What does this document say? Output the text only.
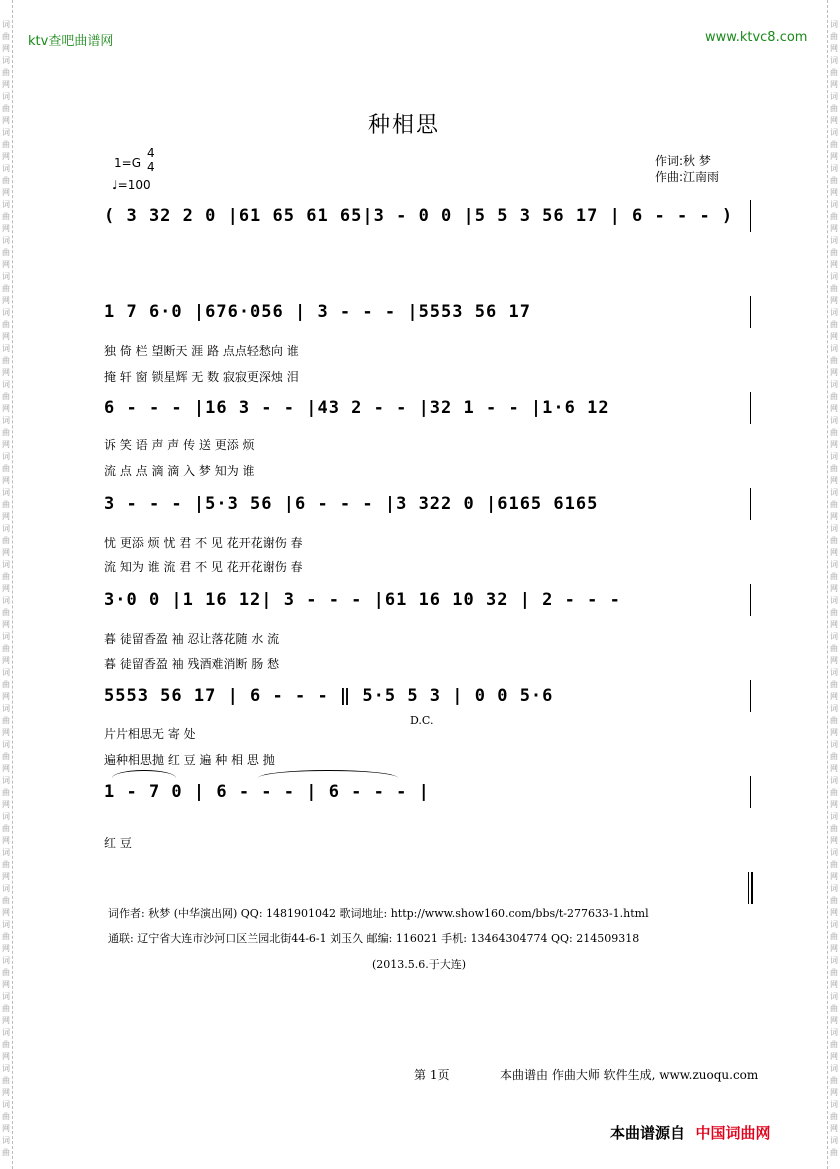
词
曲
网
词
曲
网
词
曲
网
词
曲
网
词
曲
网
词
曲
网
词
曲
网
词
曲
网
词
曲
网
词
曲
网
词
曲
网
词
曲
网
词
曲
网
词
曲
网
词
曲
网
词
曲
网
词
曲
网
词
曲
网
词
曲
网
词
曲
网
词
曲
网
词
曲
网
词
曲
网
词
曲
网
词
曲
网
词
曲
网
词
曲
网
词
曲
网
词
曲
网
词
曲
网
词
曲
网
词
曲
词
曲
网
词
曲
网
词
曲
网
词
曲
网
词
曲
网
词
曲
网
词
曲
网
词
曲
网
词
曲
网
词
曲
网
词
曲
网
词
曲
网
词
曲
网
词
曲
网
词
曲
网
词
曲
网
词
曲
网
词
曲
网
词
曲
网
词
曲
网
词
曲
网
词
曲
网
词
曲
网
词
曲
网
词
曲
网
词
曲
网
词
曲
网
词
曲
网
词
曲
网
词
曲
网
词
曲
网
词
曲
ktv查吧曲谱网	www.ktvc8.com
种相思
1=G
4
4
♩=100
作词:秋 梦
作曲:江南雨
( 3 32 2 0 |61 65 61 65|3 - 0 0 |5 5 3 56 17 | 6 - - - )
1 7 6·0 |676·056 | 3 - - - |5553 56 17
独 倚 栏 望断天 涯 路 点点轻愁向 谁
掩 轩 窗 锁星辉 无 数 寂寂更深烛 泪
6 - - - |16 3 - - |43 2 - - |32 1 - - |1·6 12
诉 笑 语 声 声 传 送 更添 烦
流 点 点 滴 滴 入 梦 知为 谁
3 - - - |5·3 56 |6 - - - |3 322 0 |6165 6165
忧 更添 烦 忧 君 不 见 花开花谢伤 春
流 知为 谁 流 君 不 见 花开花谢伤 春
3·0 0 |1 16 12| 3 - - - |61 16 10 32 | 2 - - -
暮 徒留香盈 袖 忍让落花随 水 流
暮 徒留香盈 袖 残酒难消断 肠 愁
5553 56 17 | 6 - - - ‖ 5·5 5 3 | 0 0 5·6
D.C.
片片相思无 寄 处
遍种相思抛 红 豆 遍 种 相 思 抛
1 - 7 0 | 6 - - - | 6 - - - |
红 豆
词作者: 秋梦 (中华演出网) QQ: 1481901042 歌词地址: http://www.show160.com/bbs/t-277633-1.html
通联: 辽宁省大连市沙河口区兰园北街44-6-1 刘玉久 邮编: 116021 手机: 13464304774 QQ: 214509318
(2013.5.6.于大连)
第 1页	本曲谱由 作曲大师 软件生成, www.zuoqu.com
本曲谱源自 中国词曲网
